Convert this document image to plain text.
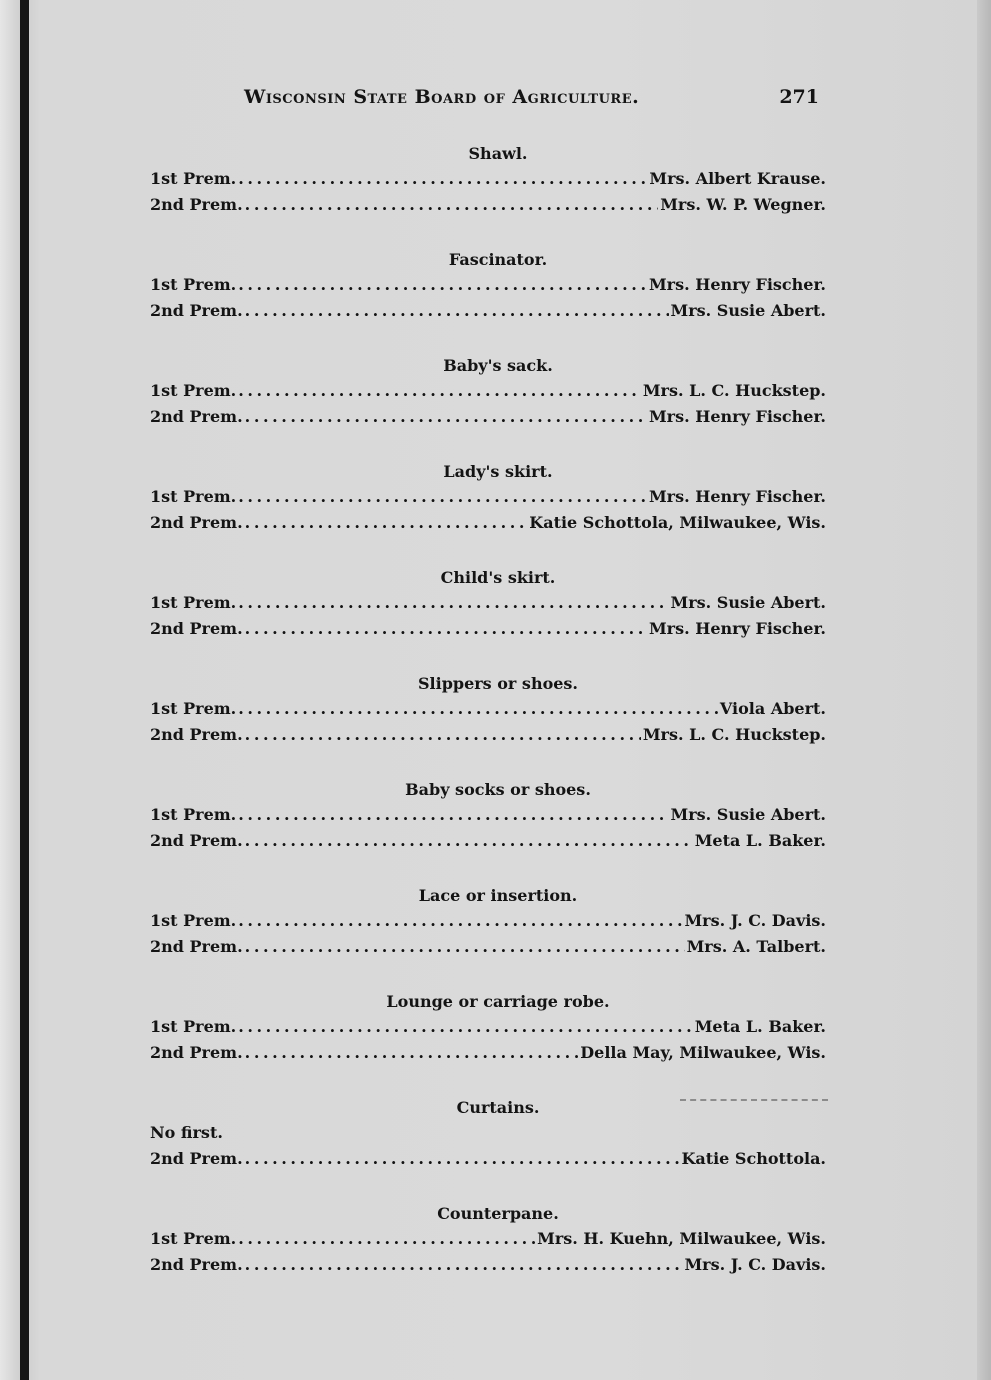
Wisconsin State Board of Agriculture.	271
Shawl.
1st Prem. . . .	Mrs. Albert Krause.
2nd Prem. . . .	Mrs. W. P. Wegner.
Fascinator.
1st Prem. . . .	Mrs. Henry Fischer.
2nd Prem. . . .	Mrs. Susie Abert.
Baby's sack.
1st Prem. . . .	Mrs. L. C. Huckstep.
2nd Prem. . . .	Mrs. Henry Fischer.
Lady's skirt.
1st Prem. . . .	Mrs. Henry Fischer.
2nd Prem. . . .	Katie Schottola, Milwaukee, Wis.
Child's skirt.
1st Prem. . . .	Mrs. Susie Abert.
2nd Prem. . . .	Mrs. Henry Fischer.
Slippers or shoes.
1st Prem. . . .	Viola Abert.
2nd Prem. . . .	Mrs. L. C. Huckstep.
Baby socks or shoes.
1st Prem. . . .	Mrs. Susie Abert.
2nd Prem. . . .	Meta L. Baker.
Lace or insertion.
1st Prem. . . .	Mrs. J. C. Davis.
2nd Prem. . . .	Mrs. A. Talbert.
Lounge or carriage robe.
1st Prem. . . .	Meta L. Baker.
2nd Prem. . . .	Della May, Milwaukee, Wis.
Curtains.
No first.
2nd Prem. . . .	Katie Schottola.
Counterpane.
1st Prem. . . .	Mrs. H. Kuehn, Milwaukee, Wis.
2nd Prem. . . .	Mrs. J. C. Davis.
